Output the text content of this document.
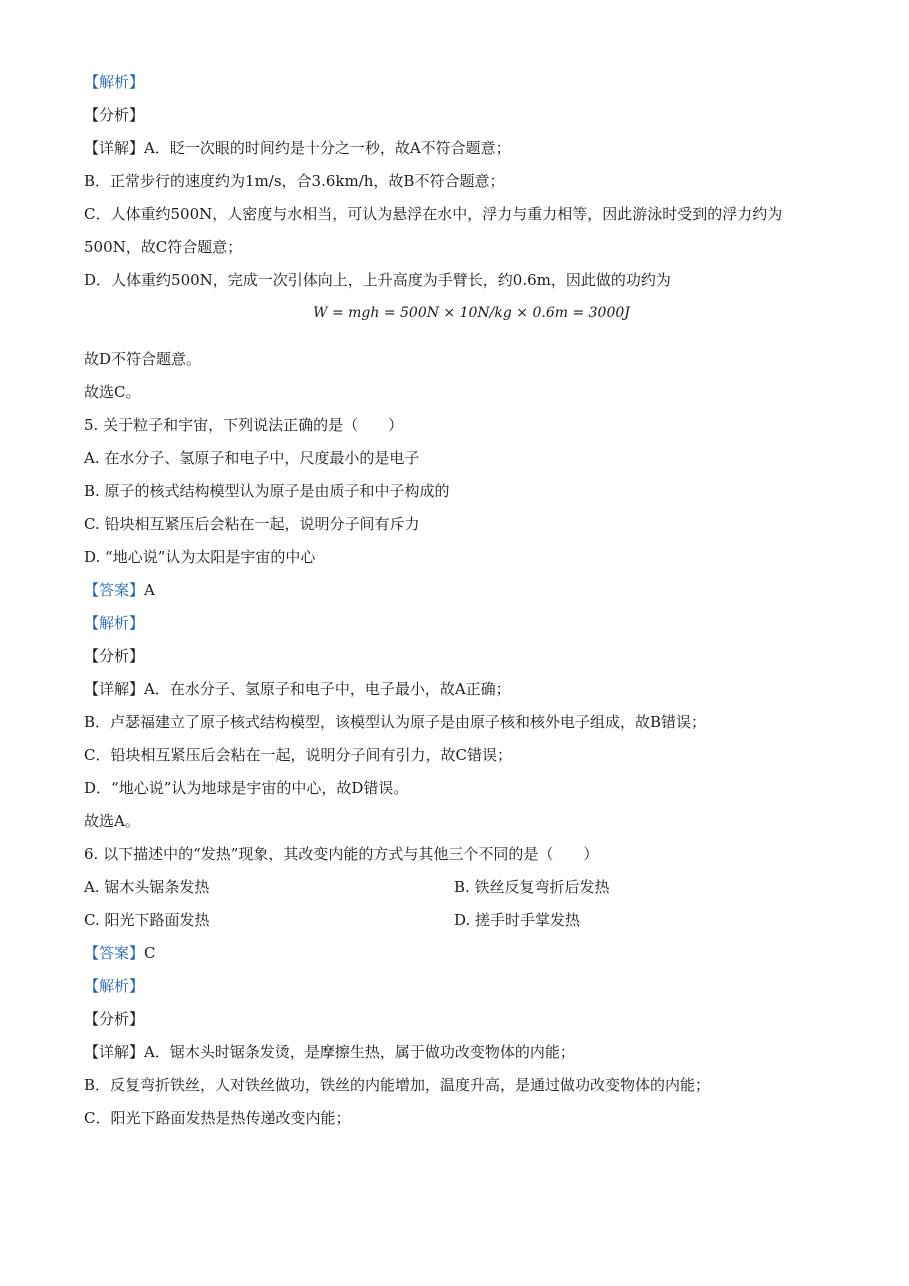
【解析】
【分析】
【详解】A．眨一次眼的时间约是十分之一秒，故A不符合题意；
B．正常步行的速度约为1m/s，合3.6km/h，故B不符合题意；
C．人体重约500N，人密度与水相当，可认为悬浮在水中，浮力与重力相等，因此游泳时受到的浮力约为
500N，故C符合题意；
D．人体重约500N，完成一次引体向上，上升高度为手臂长，约0.6m，因此做的功约为
W = mgh = 500N × 10N/kg × 0.6m = 3000J
故D不符合题意。
故选C。
5. 关于粒子和宇宙，下列说法正确的是（　　）
A. 在水分子、氢原子和电子中，尺度最小的是电子
B. 原子的核式结构模型认为原子是由质子和中子构成的
C. 铅块相互紧压后会粘在一起，说明分子间有斥力
D. “地心说”认为太阳是宇宙的中心
【答案】A
【解析】
【分析】
【详解】A．在水分子、氢原子和电子中，电子最小，故A正确；
B．卢瑟福建立了原子核式结构模型，该模型认为原子是由原子核和核外电子组成，故B错误；
C．铅块相互紧压后会粘在一起，说明分子间有引力，故C错误；
D．“地心说”认为地球是宇宙的中心，故D错误。
故选A。
6. 以下描述中的“发热”现象，其改变内能的方式与其他三个不同的是（　　）
A. 锯木头锯条发热	B. 铁丝反复弯折后发热
C. 阳光下路面发热	D. 搓手时手掌发热
【答案】C
【解析】
【分析】
【详解】A．锯木头时锯条发烫，是摩擦生热，属于做功改变物体的内能；
B．反复弯折铁丝，人对铁丝做功，铁丝的内能增加，温度升高，是通过做功改变物体的内能；
C．阳光下路面发热是热传递改变内能；
